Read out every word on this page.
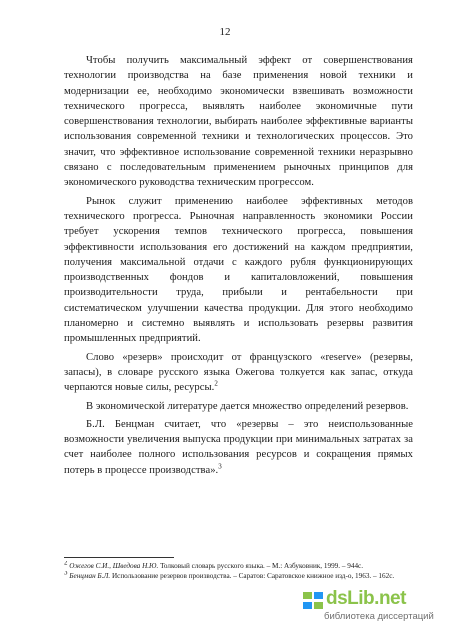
12

Чтобы получить максимальный эффект от совершенствования технологии производства на базе применения новой техники и модернизации ее, необходимо экономически взвешивать возможности технического прогресса, выявлять наиболее экономичные пути совершенствования технологии, выбирать наиболее эффективные варианты использования современной техники и технологических процессов. Это значит, что эффективное использование современной техники неразрывно связано с последовательным применением рыночных принципов для экономического руководства техническим прогрессом.

Рынок служит применению наиболее эффективных методов технического прогресса. Рыночная направленность экономики России требует ускорения темпов технического прогресса, повышения эффективности использования его достижений на каждом предприятии, получения максимальной отдачи с каждого рубля функционирующих производственных фондов и капиталовложений, повышения производительности труда, прибыли и рентабельности при систематическом улучшении качества продукции. Для этого необходимо планомерно и системно выявлять и использовать резервы развития промышленных предприятий.

Слово «резерв» происходит от французского «reserve» (резервы, запасы), в словаре русского языка Ожегова толкуется как запас, откуда черпаются новые силы, ресурсы.$^2$

В экономической литературе дается множество определений резервов.

Б.Л. Бенцман считает, что «резервы – это неиспользованные возможности увеличения выпуска продукции при минимальных затратах за счет наиболее полного использования ресурсов и сокращения прямых потерь в процессе производства».$^3$

$^2$ Ожегов С.И., Шведова Н.Ю. Толковый словарь русского языка. – М.: Азбуковник, 1999. – 944с.

$^3$ Бенцман Б.Л. Использование резервов производства. – Саратов: Саратовское книжное изд-о, 1963. – 162с.

dsLib.net
библиотека диссертаций
